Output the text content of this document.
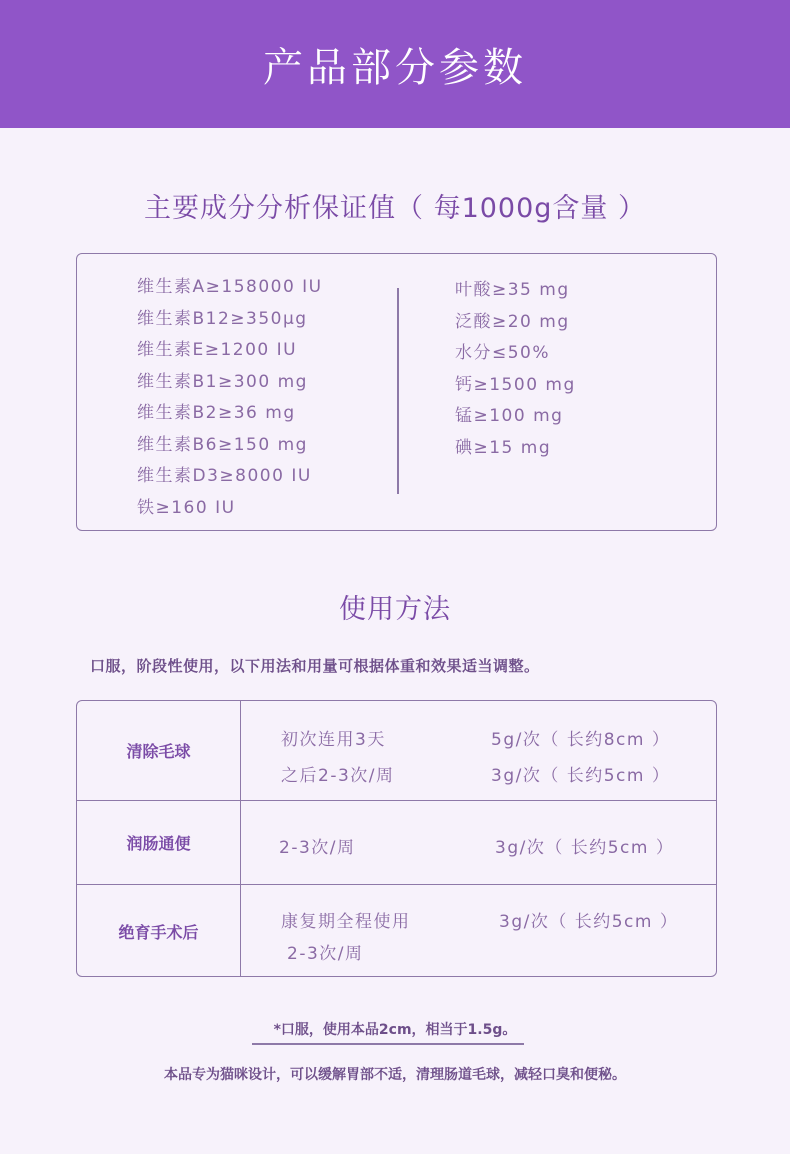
产品部分参数
主要成分分析保证值（ 每1000g含量 ）
维生素A≥158000 IU
维生素B12≥350μg
维生素E≥1200 IU
维生素B1≥300 mg
维生素B2≥36 mg
维生素B6≥150 mg
维生素D3≥8000 IU
铁≥160 IU
叶酸≥35 mg
泛酸≥20 mg
水分≤50%
钙≥1500 mg
锰≥100 mg
碘≥15 mg
使用方法
口服，阶段性使用，以下用法和用量可根据体重和效果适当调整。
清除毛球
初次连用3天	5g/次（ 长约8cm ）
之后2-3次/周	3g/次（ 长约5cm ）
润肠通便	2-3次/周	3g/次（ 长约5cm ）
绝育手术后
康复期全程使用	3g/次（ 长约5cm ）
2-3次/周
*口服，使用本品2cm，相当于1.5g。
本品专为猫咪设计，可以缓解胃部不适，清理肠道毛球，减轻口臭和便秘。
